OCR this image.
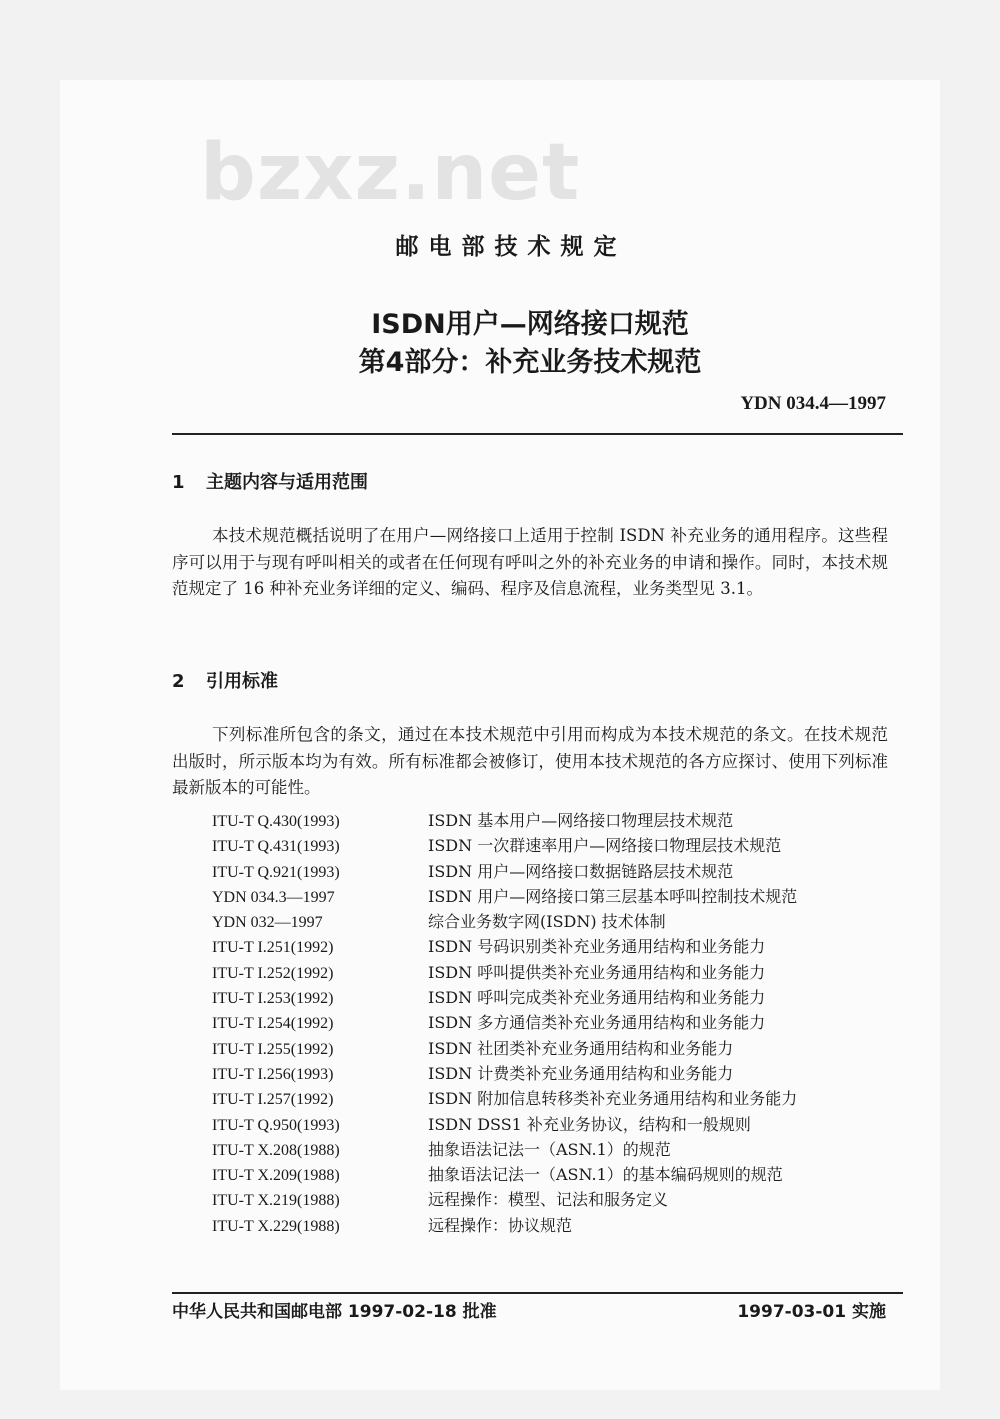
bzxz.net
邮电部技术规定
ISDN用户—网络接口规范
第4部分：补充业务技术规范
YDN 034.4—1997
1 主题内容与适用范围
本技术规范概括说明了在用户—网络接口上适用于控制 ISDN 补充业务的通用程序。这些程序可以用于与现有呼叫相关的或者在任何现有呼叫之外的补充业务的申请和操作。同时，本技术规范规定了 16 种补充业务详细的定义、编码、程序及信息流程，业务类型见 3.1。
2 引用标准
下列标准所包含的条文，通过在本技术规范中引用而构成为本技术规范的条文。在技术规范出版时，所示版本均为有效。所有标准都会被修订，使用本技术规范的各方应探讨、使用下列标准最新版本的可能性。
ITU-T Q.430(1993)	ISDN 基本用户—网络接口物理层技术规范
ITU-T Q.431(1993)	ISDN 一次群速率用户—网络接口物理层技术规范
ITU-T Q.921(1993)	ISDN 用户—网络接口数据链路层技术规范
YDN 034.3—1997	ISDN 用户—网络接口第三层基本呼叫控制技术规范
YDN 032—1997	综合业务数字网(ISDN) 技术体制
ITU-T I.251(1992)	ISDN 号码识别类补充业务通用结构和业务能力
ITU-T I.252(1992)	ISDN 呼叫提供类补充业务通用结构和业务能力
ITU-T I.253(1992)	ISDN 呼叫完成类补充业务通用结构和业务能力
ITU-T I.254(1992)	ISDN 多方通信类补充业务通用结构和业务能力
ITU-T I.255(1992)	ISDN 社团类补充业务通用结构和业务能力
ITU-T I.256(1993)	ISDN 计费类补充业务通用结构和业务能力
ITU-T I.257(1992)	ISDN 附加信息转移类补充业务通用结构和业务能力
ITU-T Q.950(1993)	ISDN DSS1 补充业务协议，结构和一般规则
ITU-T X.208(1988)	抽象语法记法一（ASN.1）的规范
ITU-T X.209(1988)	抽象语法记法一（ASN.1）的基本编码规则的规范
ITU-T X.219(1988)	远程操作：模型、记法和服务定义
ITU-T X.229(1988)	远程操作：协议规范
中华人民共和国邮电部 1997-02-18 批准	1997-03-01 实施
